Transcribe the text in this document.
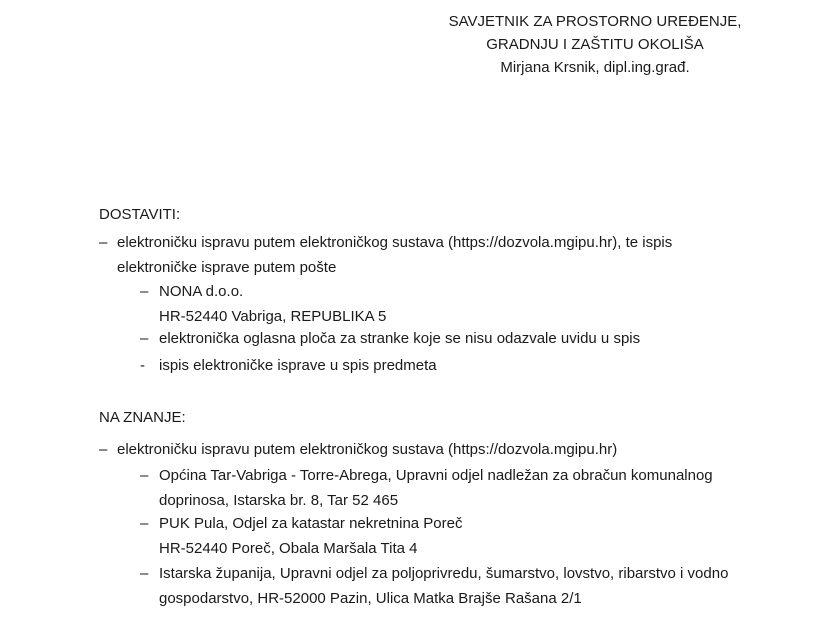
SAVJETNIK ZA PROSTORNO UREĐENJE,
GRADNJU I ZAŠTITU OKOLIŠA
Mirjana Krsnik, dipl.ing.građ.
DOSTAVITI:
– elektroničku ispravu putem elektroničkog sustava (https://dozvola.mgipu.hr), te ispis
elektroničke isprave putem pošte
– NONA d.o.o.
HR-52440 Vabriga, REPUBLIKA 5
– elektronička oglasna ploča za stranke koje se nisu odazvale uvidu u spis
- ispis elektroničke isprave u spis predmeta
NA ZNANJE:
– elektroničku ispravu putem elektroničkog sustava (https://dozvola.mgipu.hr)
– Općina Tar-Vabriga - Torre-Abrega, Upravni odjel nadležan za obračun komunalnog
doprinosa, Istarska br. 8, Tar 52 465
– PUK Pula, Odjel za katastar nekretnina Poreč
HR-52440 Poreč, Obala Maršala Tita 4
– Istarska županija, Upravni odjel za poljoprivredu, šumarstvo, lovstvo, ribarstvo i vodno
gospodarstvo, HR-52000 Pazin, Ulica Matka Brajše Rašana 2/1
